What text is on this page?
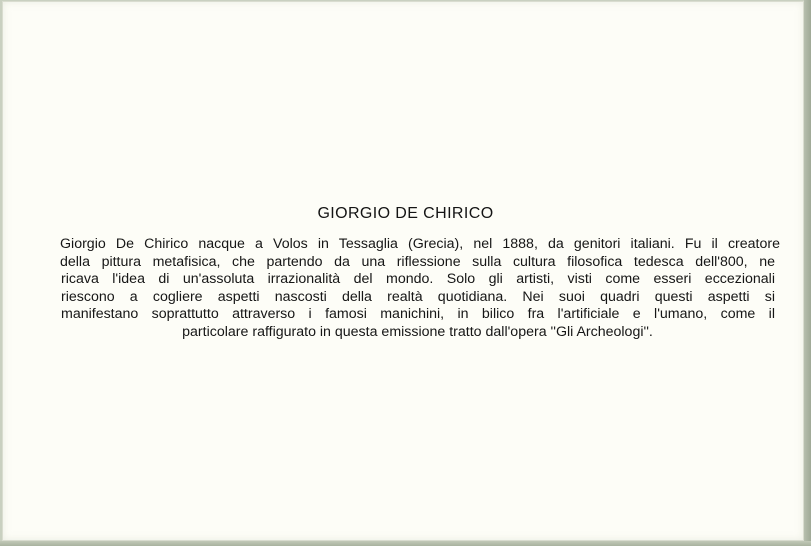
GIORGIO DE CHIRICO
Giorgio De Chirico nacque a Volos in Tessaglia (Grecia), nel 1888, da genitori italiani. Fu il creatore
della pittura metafisica, che partendo da una riflessione sulla cultura filosofica tedesca dell'800, ne
ricava l'idea di un'assoluta irrazionalità del mondo. Solo gli artisti, visti come esseri eccezionali
riescono a cogliere aspetti nascosti della realtà quotidiana. Nei suoi quadri questi aspetti si
manifestano soprattutto attraverso i famosi manichini, in bilico fra l'artificiale e l'umano, come il
particolare raffigurato in questa emissione tratto dall'opera ''Gli Archeologi''.
